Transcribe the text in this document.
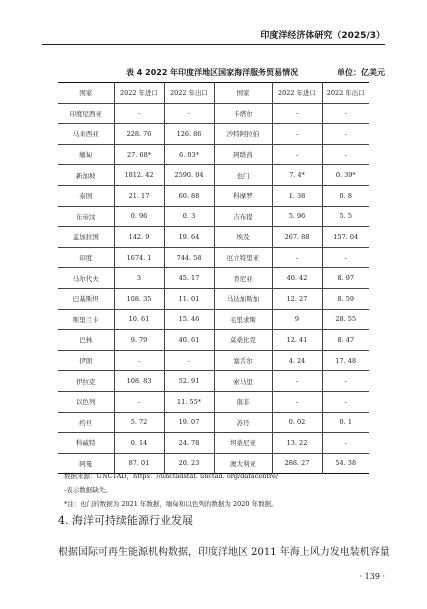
印度洋经济体研究（2025/3）
表 4 2022 年印度洋地区国家海洋服务贸易情况	单位：亿美元
国家	2022 年进口	2022 年出口	国家	2022 年进口	2022 年出口
印度尼西亚	-	-	卡塔尔	-	-
马来西亚	228. 76	126. 86	沙特阿拉伯	-	-
缅甸	27. 68*	6. 03*	阿联酋	-	-
新加坡	1812. 42	2590. 04	也门	7. 4*	0. 39*
泰国	21. 17	60. 88	科摩罗	1. 38	0. 8
东帝汶	0. 96	0. 3	吉布提	5. 96	5. 5
孟加拉国	142. 9	19. 64	埃及	267. 88	157. 04
印度	1674. 1	744. 58	厄立特里亚	-	-
马尔代夫	3	45. 17	肯尼亚	40. 42	8. 97
巴基斯坦	108. 35	11. 01	马达加斯加	12. 27	8. 59
斯里兰卡	10. 61	15. 46	毛里求斯	9	28. 55
巴林	9. 79	40. 61	莫桑比克	12. 41	8. 47
伊朗	-	-	塞舌尔	4. 24	17. 48
伊拉克	108. 83	52. 91	索马里	-	-
以色列	-	11. 55*	南非	-	-
约旦	5. 72	19. 07	苏丹	0. 02	0. 1
科威特	0. 14	24. 78	坦桑尼亚	13. 22	-
阿曼	87. 01	20. 23	澳大利亚	288. 27	54. 38
数据来源：UNCTAD，https：//unctadstat. unctad. org/datacentre/
-表示数据缺失。
*注：也门的数据为 2021 年数据，缅甸和以色列的数据为 2020 年数据。
4. 海洋可持续能源行业发展
根据国际可再生能源机构数据，印度洋地区 2011 年海上风力发电装机容量
· 139 ·
